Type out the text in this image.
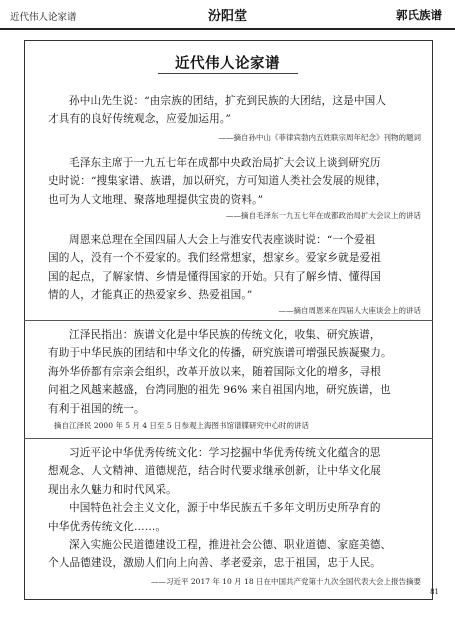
近代伟人论家谱	汾阳堂	郭氏族谱
近代伟人论家谱
孙中山先生说：“由宗族的团结，扩充到民族的大团结，这是中国人
才具有的良好传统观念，应爱加运用。”
——摘自孙中山《菲律宾勃内五姓联宗周年纪念》刊物的题词
毛泽东主席于一九五七年在成都中央政治局扩大会议上谈到研究历
史时说：“搜集家谱、族谱，加以研究，方可知道人类社会发展的规律，
也可为人文地理、聚落地理提供宝贵的资料。”
——摘自毛泽东一九五七年在成都政治局扩大会议上的讲话
周恩来总理在全国四届人大会上与淮安代表座谈时说：“一个爱祖
国的人，没有一个不爱家的。我们经常想家，想家乡。爱家乡就是爱祖
国的起点，了解家情、乡情是懂得国家的开始。只有了解乡情、懂得国
情的人，才能真正的热爱家乡、热爱祖国。”
——摘自周恩来在四届人大座谈会上的讲话
江泽民指出：族谱文化是中华民族的传统文化，收集、研究族谱，
有助于中华民族的团结和中华文化的传播，研究族谱可增强民族凝聚力。
海外华侨都有宗亲会组织，改革开放以来，随着国际文化的增多，寻根
问祖之风越来越盛，台湾同胞的祖先 96% 来自祖国内地，研究族谱，也
有利于祖国的统一。
摘自江泽民 2000 年 5 月 4 日至 5 日参观上海图书馆谱牒研究中心时的讲话
习近平论中华优秀传统文化：学习挖掘中华优秀传统文化蕴含的思
想观念、人文精神、道德规范，结合时代要求继承创新，让中华文化展
现出永久魅力和时代风采。
中国特色社会主义文化，源于中华民族五千多年文明历史所孕育的
中华优秀传统文化……。
深入实施公民道德建设工程，推进社会公德、职业道德、家庭美德、
个人品德建设，激励人们向上向善、孝老爱亲，忠于祖国，忠于人民。
——习近平 2017 年 10 月 18 日在中国共产党第十九次全国代表大会上报告摘要
81
